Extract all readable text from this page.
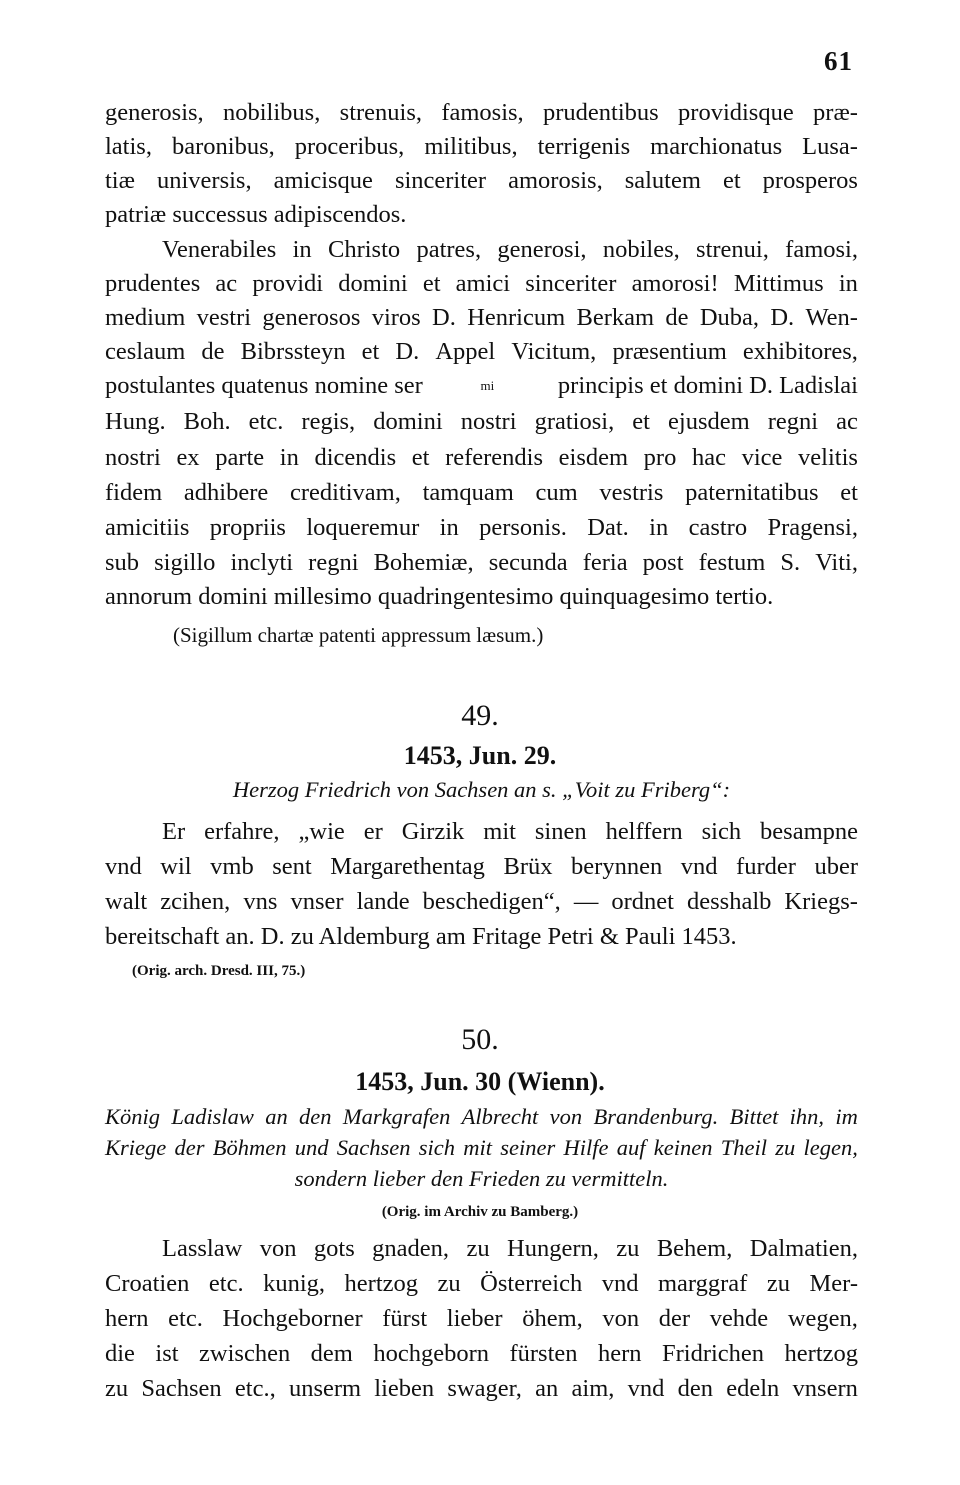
61
generosis, nobilibus, strenuis, famosis, prudentibus providisque præ-
latis, baronibus, proceribus, militibus, terrigenis marchionatus Lusa-
tiæ universis, amicisque sinceriter amorosis, salutem et prosperos
patriæ successus adipiscendos.
Venerabiles in Christo patres, generosi, nobiles, strenui, famosi,
prudentes ac providi domini et amici sinceriter amorosi! Mittimus in
medium vestri generosos viros D. Henricum Berkam de Duba, D. Wen-
ceslaum de Bibrssteyn et D. Appel Vicitum, præsentium exhibitores,
postulantes quatenus nomine ser	mi	principis et domini D. Ladislai
Hung. Boh. etc. regis, domini nostri gratiosi, et ejusdem regni ac
nostri ex parte in dicendis et referendis eisdem pro hac vice velitis
fidem adhibere creditivam, tamquam cum vestris paternitatibus et
amicitiis propriis loqueremur in personis. Dat. in castro Pragensi,
sub sigillo inclyti regni Bohemiæ, secunda feria post festum S. Viti,
annorum domini millesimo quadringentesimo quinquagesimo tertio.
(Sigillum chartæ patenti appressum læsum.)
49.
1453, Jun. 29.
Herzog Friedrich von Sachsen an s. „Voit zu Friberg“:
Er erfahre, „wie er Girzik mit sinen helffern sich besampne
vnd wil vmb sent Margarethentag Brüx berynnen vnd furder uber
walt zcihen, vns vnser lande beschedigen“, — ordnet desshalb Kriegs-
bereitschaft an. D. zu Aldemburg am Fritage Petri & Pauli 1453.
(Orig. arch. Dresd. III, 75.)
50.
1453, Jun. 30 (Wienn).
König Ladislaw an den Markgrafen Albrecht von Brandenburg. Bittet ihn, im
Kriege der Böhmen und Sachsen sich mit seiner Hilfe auf keinen Theil zu legen,
sondern lieber den Frieden zu vermitteln.
(Orig. im Archiv zu Bamberg.)
Lasslaw von gots gnaden, zu Hungern, zu Behem, Dalmatien,
Croatien etc. kunig, hertzog zu Österreich vnd marggraf zu Mer-
hern etc. Hochgeborner fürst lieber öhem, von der vehde wegen,
die ist zwischen dem hochgeborn fürsten hern Fridrichen hertzog
zu Sachsen etc., unserm lieben swager, an aim, vnd den edeln vnsern
